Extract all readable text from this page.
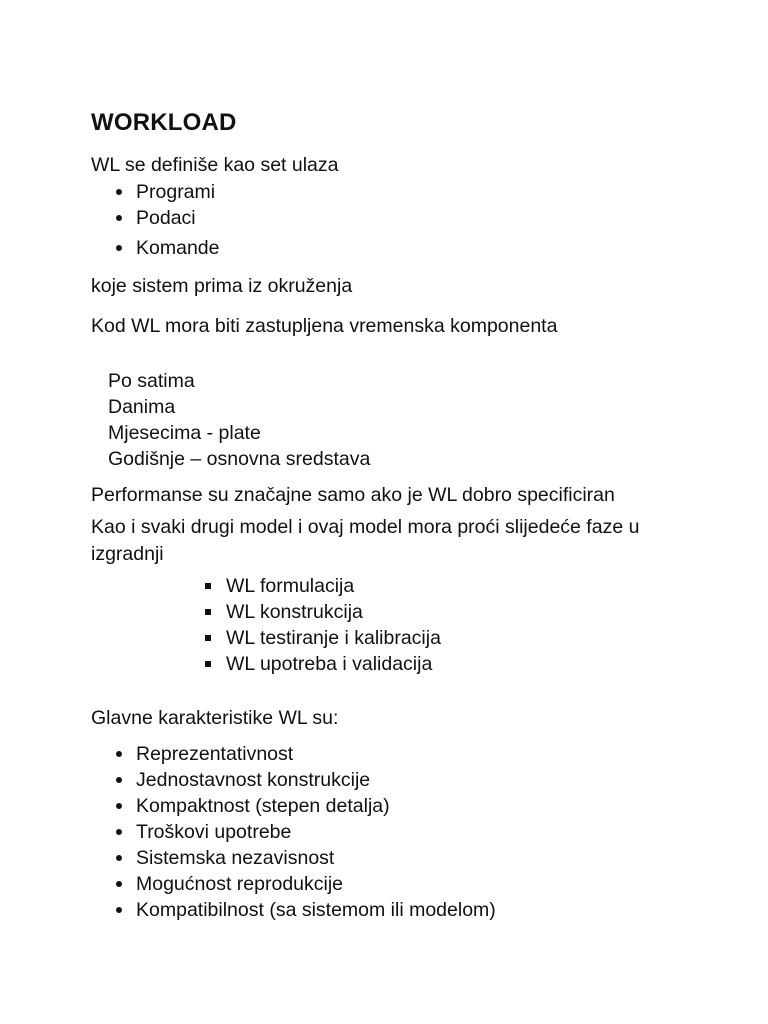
WORKLOAD
WL se definiše kao set ulaza
Programi
Podaci
Komande
koje sistem prima iz okruženja
Kod WL mora biti zastupljena vremenska komponenta
Po satima
Danima
Mjesecima - plate
Godišnje – osnovna sredstava
Performanse su značajne samo ako je WL dobro specificiran
Kao i svaki drugi model i ovaj model mora proći slijedeće faze u izgradnji
WL formulacija
WL konstrukcija
WL testiranje i kalibracija
WL upotreba i validacija
Glavne karakteristike WL su:
Reprezentativnost
Jednostavnost konstrukcije
Kompaktnost (stepen detalja)
Troškovi upotrebe
Sistemska nezavisnost
Mogućnost reprodukcije
Kompatibilnost (sa sistemom ili modelom)
